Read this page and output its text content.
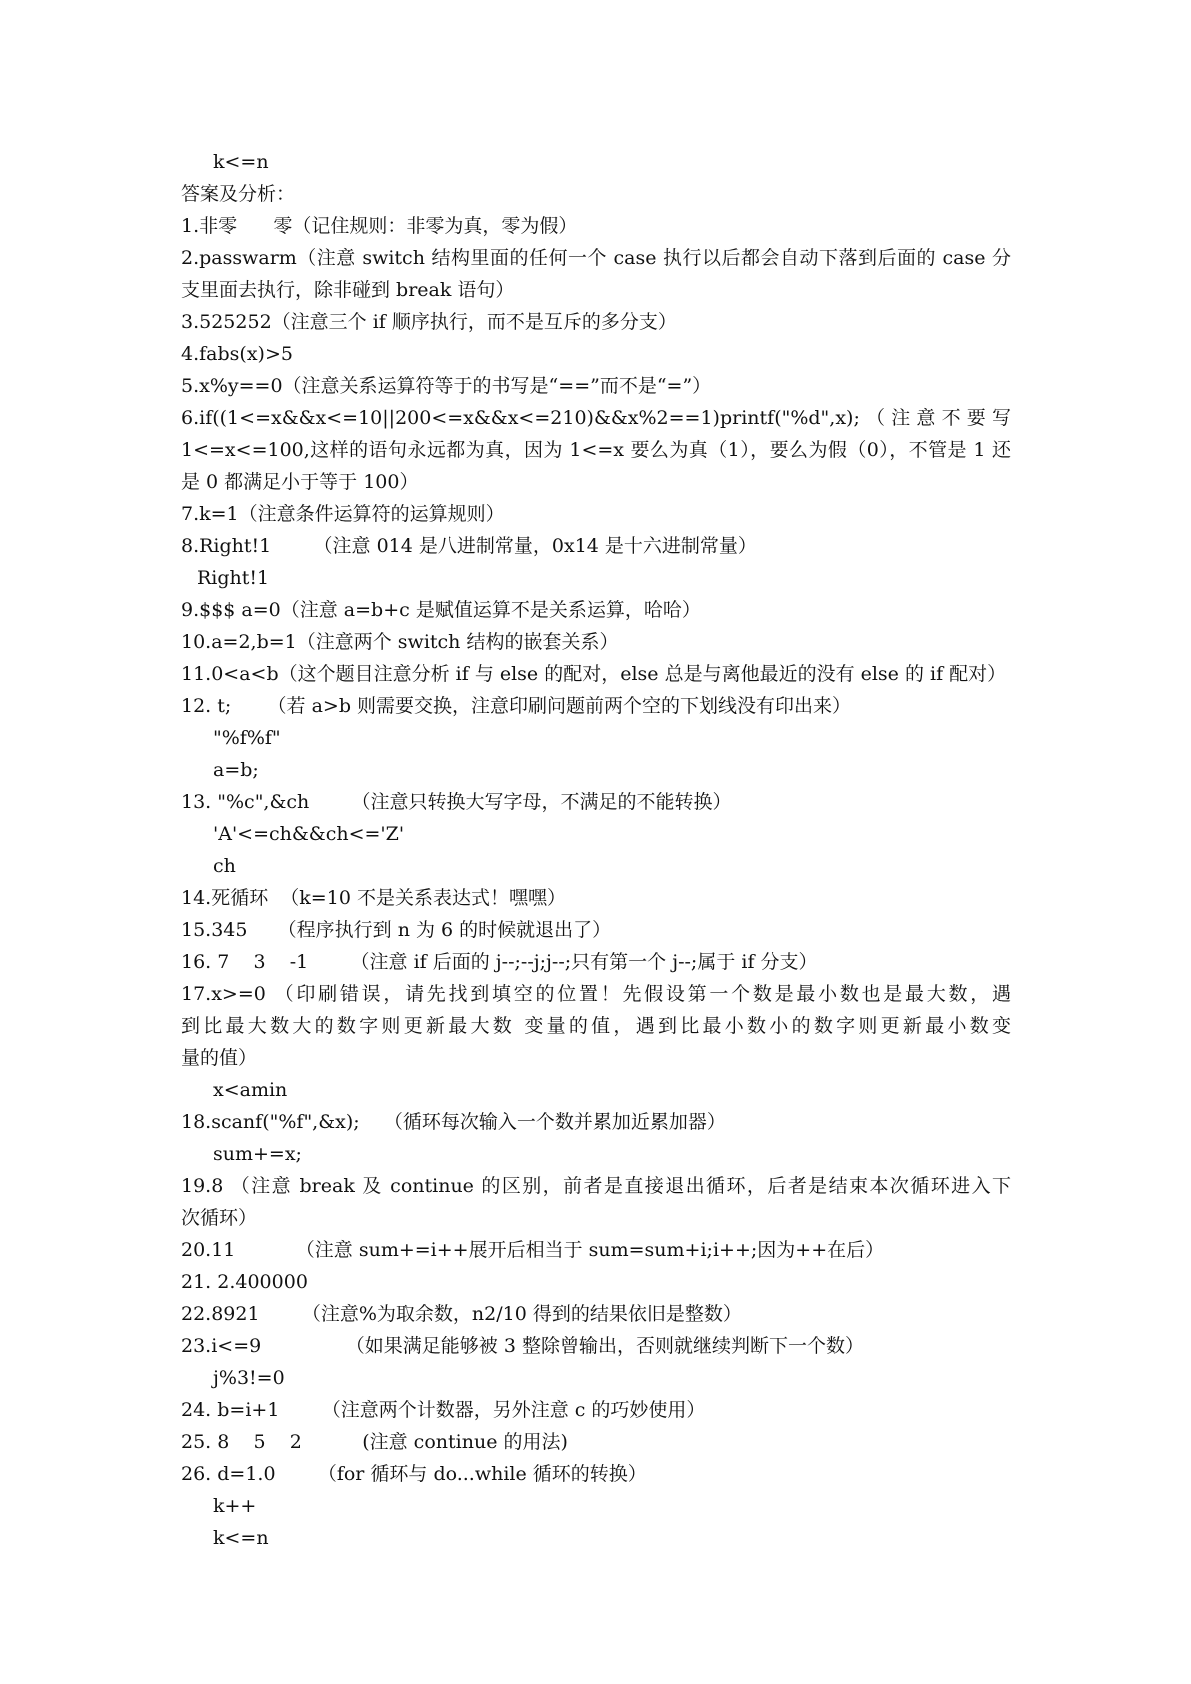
k<=n
答案及分析：
1.非零      零（记住规则：非零为真，零为假）
2.passwarm（注意 switch 结构里面的任何一个 case 执行以后都会自动下落到后面的 case 分
支里面去执行，除非碰到 break 语句）
3.525252（注意三个 if 顺序执行，而不是互斥的多分支）
4.fabs(x)>5
5.x%y==0（注意关系运算符等于的书写是“==”而不是“=”）
6.if((1<=x&&x<=10||200<=x&&x<=210)&&x%2==1)printf("%d",x); （ 注 意 不 要 写
1<=x<=100,这样的语句永远都为真，因为 1<=x 要么为真（1），要么为假（0），不管是 1 还
是 0 都满足小于等于 100）
7.k=1（注意条件运算符的运算规则）
8.Right!1       （注意 014 是八进制常量，0x14 是十六进制常量）
Right!1
9.$$$ a=0（注意 a=b+c 是赋值运算不是关系运算，哈哈）
10.a=2,b=1（注意两个 switch 结构的嵌套关系）
11.0<a<b（这个题目注意分析 if 与 else 的配对，else 总是与离他最近的没有 else 的 if 配对）
12. t;      （若 a>b 则需要交换，注意印刷问题前两个空的下划线没有印出来）
"%f%f"
a=b;
13. "%c",&ch       （注意只转换大写字母，不满足的不能转换）
'A'<=ch&&ch<='Z'
ch
14.死循环  （k=10 不是关系表达式！嘿嘿）
15.345     （程序执行到 n 为 6 的时候就退出了）
16. 7    3    -1       （注意 if 后面的 j--;--j;j--;只有第一个 j--;属于 if 分支）
17.x>=0 （印刷错误，请先找到填空的位置！先假设第一个数是最小数也是最大数，遇
到比最大数大的数字则更新最大数 变量的值，遇到比最小数小的数字则更新最小数变
量的值）
x<amin
18.scanf("%f",&x);    （循环每次输入一个数并累加近累加器）
sum+=x;
19.8 （注意 break 及 continue 的区别，前者是直接退出循环，后者是结束本次循环进入下
次循环）
20.11          （注意 sum+=i++展开后相当于 sum=sum+i;i++;因为++在后）
21. 2.400000
22.8921       （注意%为取余数，n2/10 得到的结果依旧是整数）
23.i<=9              （如果满足能够被 3 整除曾输出，否则就继续判断下一个数）
j%3!=0
24. b=i+1       （注意两个计数器，另外注意 c 的巧妙使用）
25. 8    5    2          (注意 continue 的用法)
26. d=1.0       （for 循环与 do...while 循环的转换）
k++
k<=n
